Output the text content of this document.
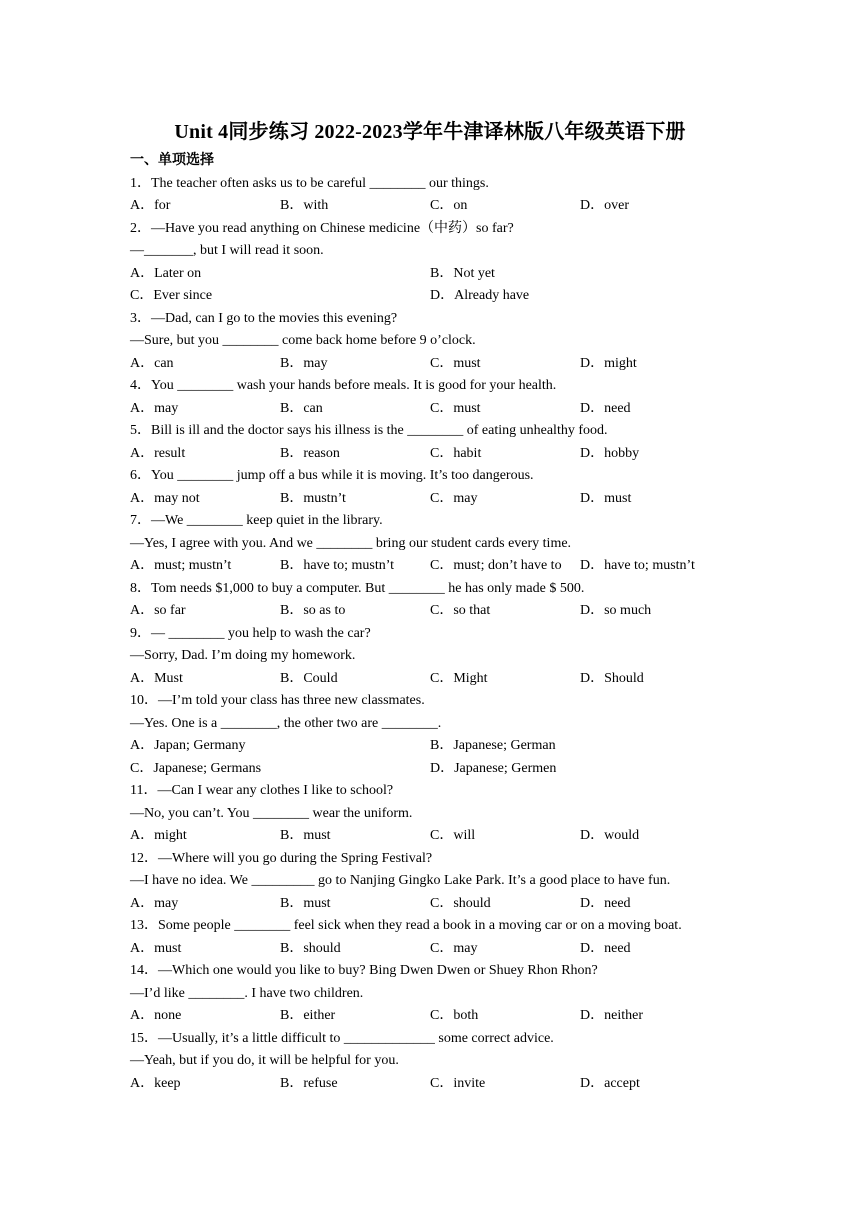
Unit 4同步练习 2022-2023学年牛津译林版八年级英语下册
一、单项选择
1．The teacher often asks us to be careful ________ our things.
A．for	B．with	C．on	D．over
2．—Have you read anything on Chinese medicine（中药）so far?
—_______, but I will read it soon.
A．Later on	B．Not yet
C．Ever since	D．Already have
3．—Dad, can I go to the movies this evening?
—Sure, but you ________ come back home before 9 o’clock.
A．can	B．may	C．must	D．might
4．You ________ wash your hands before meals. It is good for your health.
A．may	B．can	C．must	D．need
5．Bill is ill and the doctor says his illness is the ________ of eating unhealthy food.
A．result	B．reason	C．habit	D．hobby
6．You ________ jump off a bus while it is moving. It’s too dangerous.
A．may not	B．mustn’t	C．may	D．must
7．—We ________ keep quiet in the library.
—Yes, I agree with you. And we ________ bring our student cards every time.
A．must; mustn’t	B．have to; mustn’t	C．must; don’t have to D．have to; mustn’t
8．Tom needs $1,000 to buy a computer. But ________ he has only made $ 500.
A．so far	B．so as to	C．so that	D．so much
9．— ________ you help to wash the car?
—Sorry, Dad. I’m doing my homework.
A．Must	B．Could	C．Might	D．Should
10．—I’m told your class has three new classmates.
—Yes. One is a ________, the other two are ________.
A．Japan; Germany	B．Japanese; German
C．Japanese; Germans	D．Japanese; Germen
11．—Can I wear any clothes I like to school?
—No, you can’t. You ________ wear the uniform.
A．might	B．must	C．will	D．would
12．—Where will you go during the Spring Festival?
—I have no idea. We _________ go to Nanjing Gingko Lake Park. It’s a good place to have fun.
A．may	B．must	C．should	D．need
13．Some people ________ feel sick when they read a book in a moving car or on a moving boat.
A．must	B．should	C．may	D．need
14．—Which one would you like to buy? Bing Dwen Dwen or Shuey Rhon Rhon?
—I’d like ________. I have two children.
A．none	B．either	C．both	D．neither
15．—Usually, it’s a little difficult to _____________ some correct advice.
—Yeah, but if you do, it will be helpful for you.
A．keep	B．refuse	C．invite	D．accept
